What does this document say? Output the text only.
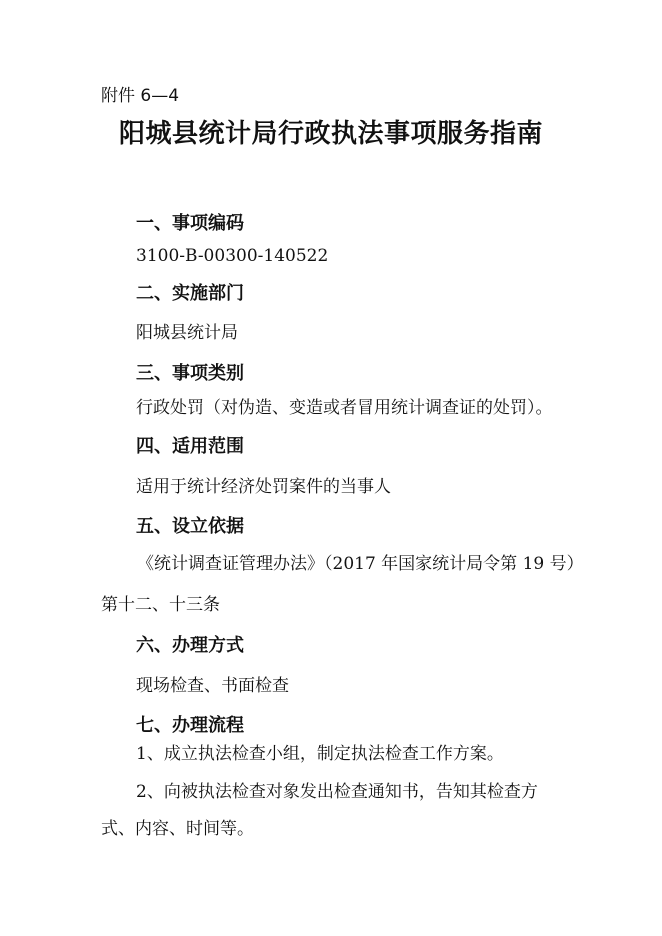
附件 6—4
阳城县统计局行政执法事项服务指南
一、事项编码
3100-B-00300-140522
二、实施部门
阳城县统计局
三、事项类别
行政处罚（对伪造、变造或者冒用统计调查证的处罚）。
四、适用范围
适用于统计经济处罚案件的当事人
五、设立依据
《统计调查证管理办法》（2017 年国家统计局令第 19 号）
第十二、十三条
六、办理方式
现场检查、书面检查
七、办理流程
1、成立执法检查小组，制定执法检查工作方案。
2、向被执法检查对象发出检查通知书，告知其检查方
式、内容、时间等。
